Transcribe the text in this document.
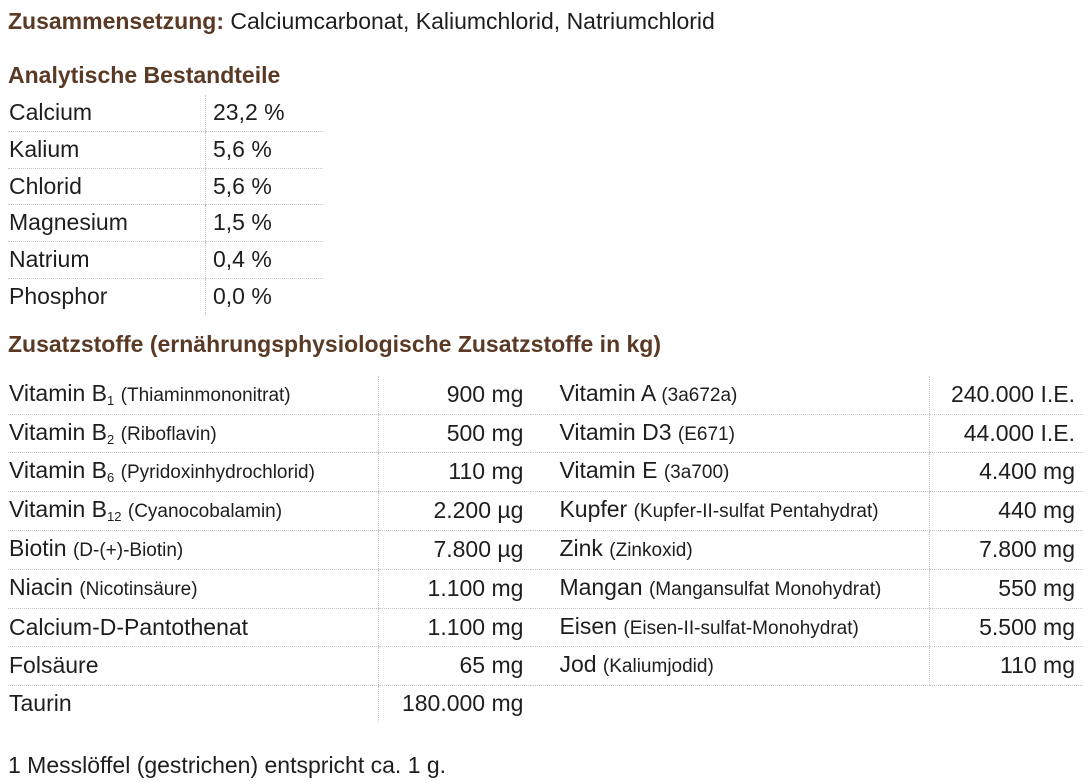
Zusammensetzung: Calciumcarbonat, Kaliumchlorid, Natriumchlorid

Analytische Bestandteile
Calcium	23,2 %
Kalium	5,6 %
Chlorid	5,6 %
Magnesium	1,5 %
Natrium	0,4 %
Phosphor	0,0 %
Zusatzstoffe (ernährungsphysiologische Zusatzstoffe in kg)
Vitamin $B_1$ (Thiaminmononitrat)	900 mg	Vitamin A (3a672a)	240.000 I.E.
Vitamin $B_2$ (Riboflavin)	500 mg	Vitamin D3 (E671)	44.000 I.E.
Vitamin $B_6$ (Pyridoxinhydrochlorid)	110 mg	Vitamin E (3a700)	4.400 mg
Vitamin $B_{12}$ (Cyanocobalamin)	2.200 µg	Kupfer (Kupfer-II-sulfat Pentahydrat)	440 mg
Biotin (D-(+)-Biotin)	7.800 µg	Zink (Zinkoxid)	7.800 mg
Niacin (Nicotinsäure)	1.100 mg	Mangan (Mangansulfat Monohydrat)	550 mg
Calcium-D-Pantothenat	1.100 mg	Eisen (Eisen-II-sulfat-Monohydrat)	5.500 mg
Folsäure	65 mg	Jod (Kaliumjodid)	110 mg
Taurin	180.000 mg		

1 Messlöffel (gestrichen) entspricht ca. 1 g.
